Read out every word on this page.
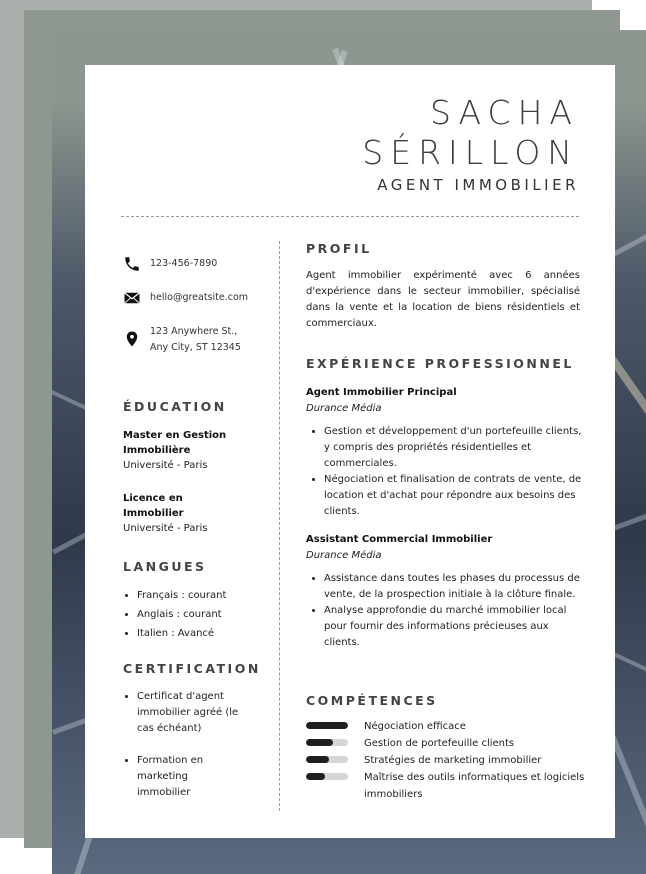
SACHA
SÉRILLON
AGENT IMMOBILIER
123-456-7890
hello@greatsite.com
123 Anywhere St.,
Any City, ST 12345
ÉDUCATION
Master en Gestion Immobilière
Université - Paris
Licence en Immobilier
Université - Paris
LANGUES
• Français : courant
• Anglais : courant
• Italien : Avancé
CERTIFICATION
• Certificat d'agent immobilier agréé (le cas échéant)
• Formation en marketing immobilier
PROFIL
Agent immobilier expérimenté avec 6 années d'expérience dans le secteur immobilier, spécialisé dans la vente et la location de biens résidentiels et commerciaux.
EXPÉRIENCE PROFESSIONNEL
Agent Immobilier Principal
Durance Média
• Gestion et développement d'un portefeuille clients, y compris des propriétés résidentielles et commerciales.
• Négociation et finalisation de contrats de vente, de location et d'achat pour répondre aux besoins des clients.
Assistant Commercial Immobilier
Durance Média
• Assistance dans toutes les phases du processus de vente, de la prospection initiale à la clôture finale.
• Analyse approfondie du marché immobilier local pour fournir des informations précieuses aux clients.
COMPÉTENCES
Négociation efficace
Gestion de portefeuille clients
Stratégies de marketing immobilier
Maîtrise des outils informatiques et logiciels immobiliers
